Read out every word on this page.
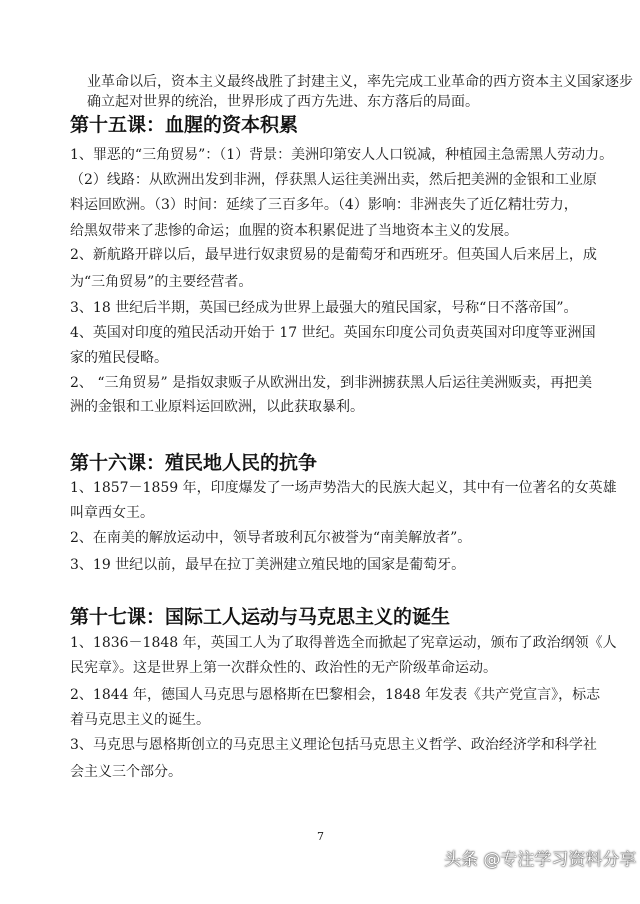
业革命以后，资本主义最终战胜了封建主义，率先完成工业革命的西方资本主义国家逐步
确立起对世界的统治，世界形成了西方先进、东方落后的局面。
第十五课：血腥的资本积累
1、罪恶的“三角贸易”：（1）背景：美洲印第安人人口锐减，种植园主急需黑人劳动力。
（2）线路：从欧洲出发到非洲，俘获黑人运往美洲出卖，然后把美洲的金银和工业原
料运回欧洲。（3）时间：延续了三百多年。（4）影响：非洲丧失了近亿精壮劳力，
给黑奴带来了悲惨的命运；血腥的资本积累促进了当地资本主义的发展。
2、新航路开辟以后，最早进行奴隶贸易的是葡萄牙和西班牙。但英国人后来居上，成
为“三角贸易”的主要经营者。
3、18 世纪后半期，英国已经成为世界上最强大的殖民国家，号称“日不落帝国”。
4、英国对印度的殖民活动开始于 17 世纪。英国东印度公司负责英国对印度等亚洲国
家的殖民侵略。
2、 “三角贸易” 是指奴隶贩子从欧洲出发，到非洲掳获黑人后运往美洲贩卖，再把美
洲的金银和工业原料运回欧洲，以此获取暴利。
第十六课：殖民地人民的抗争
1、1857－1859 年，印度爆发了一场声势浩大的民族大起义，其中有一位著名的女英雄
叫章西女王。
2、在南美的解放运动中，领导者玻利瓦尔被誉为“南美解放者”。
3、19 世纪以前，最早在拉丁美洲建立殖民地的国家是葡萄牙。
第十七课：国际工人运动与马克思主义的诞生
1、1836－1848 年，英国工人为了取得普选全而掀起了宪章运动，颁布了政治纲领《人
民宪章》。这是世界上第一次群众性的、政治性的无产阶级革命运动。
2、1844 年，德国人马克思与恩格斯在巴黎相会，1848 年发表《共产党宣言》，标志
着马克思主义的诞生。
3、马克思与恩格斯创立的马克思主义理论包括马克思主义哲学、政治经济学和科学社
会主义三个部分。
7
头条 @专注学习资料分享
